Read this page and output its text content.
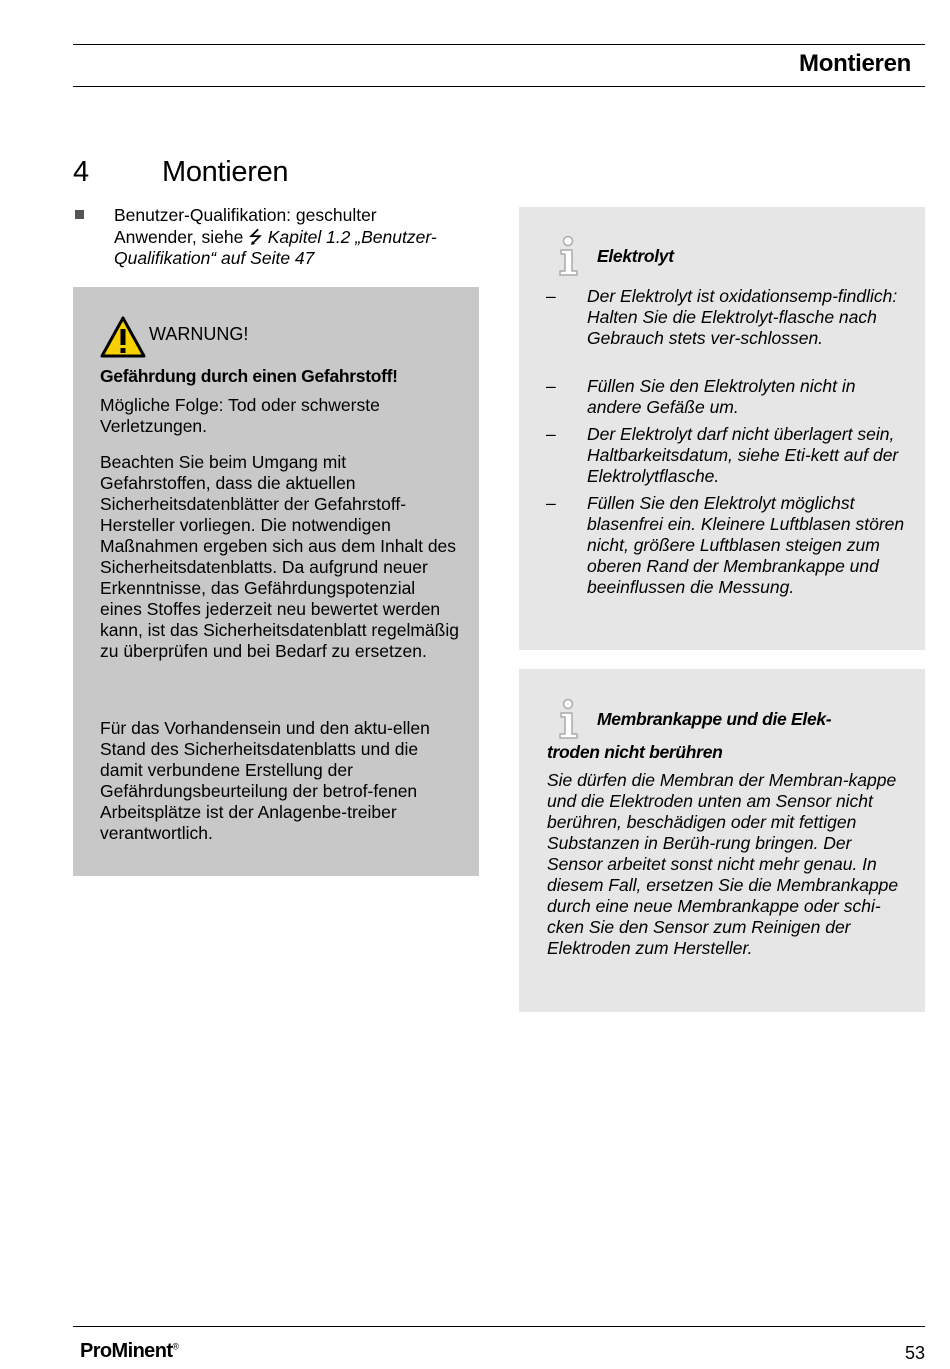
Montieren
4	Montieren
Benutzer-Qualifikation: geschulter
Anwender, siehe ⭍ Kapitel 1.2 „Benutzer-
Qualifikation“ auf Seite 47
WARNUNG!
Gefährdung durch einen Gefahrstoff!

Mögliche Folge: Tod oder schwerste Verletzungen.

Beachten Sie beim Umgang mit Gefahrstoffen, dass die aktuellen Sicherheitsdatenblätter der Gefahrstoff-Hersteller vorliegen. Die notwendigen Maßnahmen ergeben sich aus dem Inhalt des Sicherheitsdatenblatts. Da aufgrund neuer Erkenntnisse, das Gefährdungspotenzial eines Stoffes jederzeit neu bewertet werden kann, ist das Sicherheitsdatenblatt regelmäßig zu überprüfen und bei Bedarf zu ersetzen.

Für das Vorhandensein und den aktu-ellen Stand des Sicherheitsdatenblatts und die damit verbundene Erstellung der Gefährdungsbeurteilung der betrof-fenen Arbeitsplätze ist der Anlagenbe-treiber verantwortlich.

Elektrolyt
– Der Elektrolyt ist oxidationsemp-findlich: Halten Sie die Elektrolyt-flasche nach Gebrauch stets ver-schlossen.
– Füllen Sie den Elektrolyten nicht in andere Gefäße um.
– Der Elektrolyt darf nicht überlagert sein, Haltbarkeitsdatum, siehe Eti-kett auf der Elektrolytflasche.
– Füllen Sie den Elektrolyt möglichst blasenfrei ein. Kleinere Luftblasen stören nicht, größere Luftblasen steigen zum oberen Rand der Membrankappe und beeinflussen die Messung.
Membrankappe und die Elek-
troden nicht berühren

Sie dürfen die Membran der Membran-kappe und die Elektroden unten am Sensor nicht berühren, beschädigen oder mit fettigen Substanzen in Berüh-rung bringen. Der Sensor arbeitet sonst nicht mehr genau. In diesem Fall, ersetzen Sie die Membrankappe durch eine neue Membrankappe oder schi-cken Sie den Sensor zum Reinigen der Elektroden zum Hersteller.

ProMinent®	53
